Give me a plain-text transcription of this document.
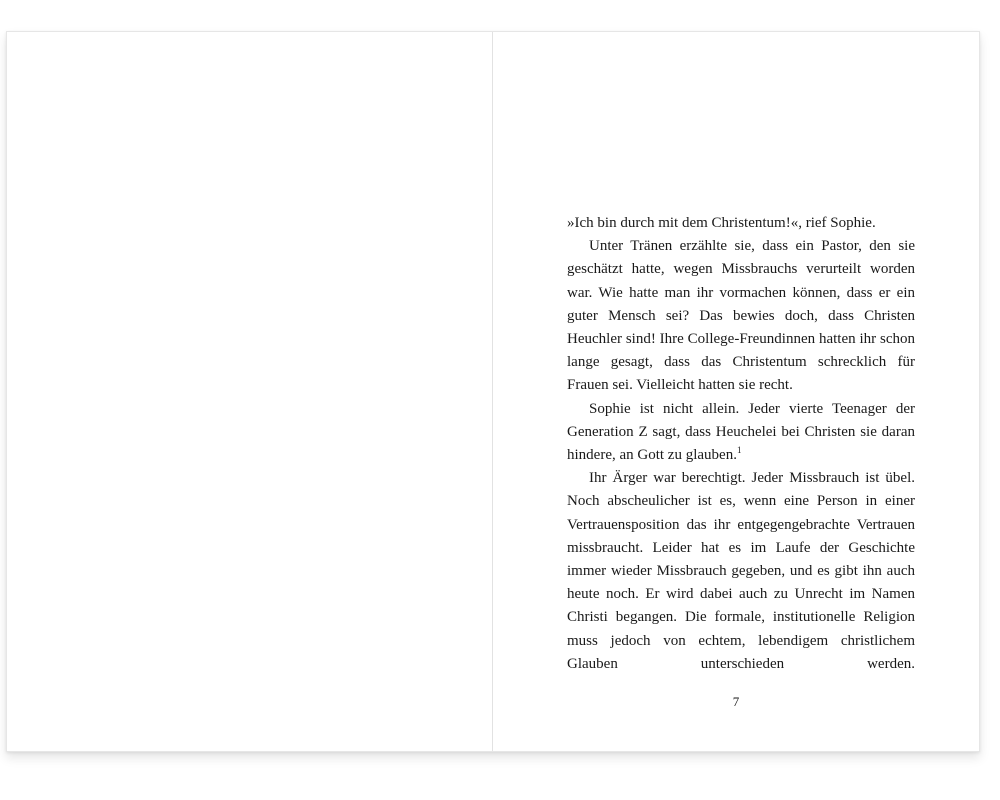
»Ich bin durch mit dem Christentum!«, rief Sophie.

Unter Tränen erzählte sie, dass ein Pastor, den sie geschätzt hatte, wegen Missbrauchs verurteilt worden war. Wie hatte man ihr vormachen können, dass er ein guter Mensch sei? Das bewies doch, dass Christen Heuchler sind! Ihre College-Freundinnen hatten ihr schon lange gesagt, dass das Christentum schrecklich für Frauen sei. Vielleicht hatten sie recht.

Sophie ist nicht allein. Jeder vierte Teenager der Generation Z sagt, dass Heuchelei bei Christen sie daran hindere, an Gott zu glauben.$^1$

Ihr Ärger war berechtigt. Jeder Missbrauch ist übel. Noch abscheulicher ist es, wenn eine Person in einer Vertrauensposition das ihr entgegengebrachte Vertrauen missbraucht. Leider hat es im Laufe der Geschichte immer wieder Missbrauch gegeben, und es gibt ihn auch heute noch. Er wird dabei auch zu Unrecht im Namen Christi begangen. Die formale, institutionelle Religion muss jedoch von echtem, lebendigem christlichem Glauben unterschieden werden.

7
